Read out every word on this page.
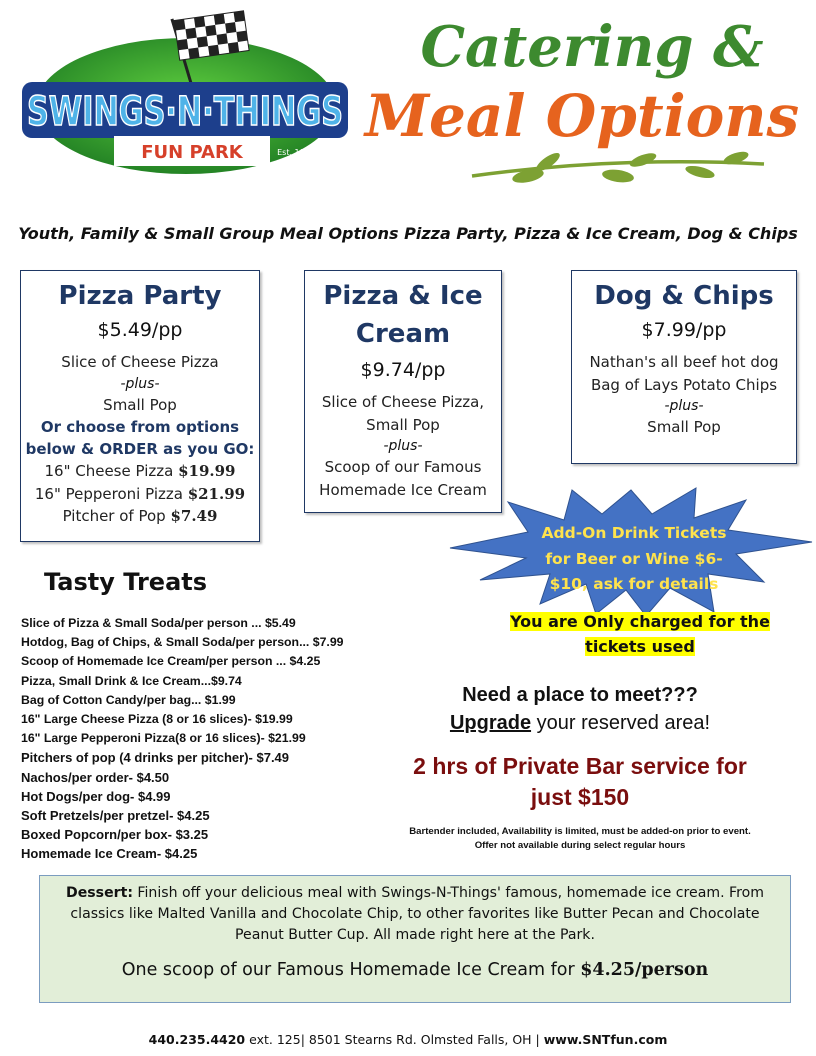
SWINGS·N·THINGS
FUN PARK	Est. 1987
Catering &
Meal Options
Youth, Family & Small Group Meal Options Pizza Party, Pizza & Ice Cream, Dog & Chips
Pizza Party
$5.49/pp
Slice of Cheese Pizza
-plus-
Small Pop
Or choose from options
below & ORDER as you GO:
16" Cheese Pizza $19.99
16" Pepperoni Pizza $21.99
Pitcher of Pop $7.49
Pizza & Ice
Cream
$9.74/pp
Slice of Cheese Pizza,
Small Pop
-plus-
Scoop of our Famous
Homemade Ice Cream
Dog & Chips
$7.99/pp
Nathan's all beef hot dog
Bag of Lays Potato Chips
-plus-
Small Pop
Add-On Drink Tickets
for Beer or Wine $6-
$10, ask for details
You are Only charged for the
tickets used
Tasty Treats
Slice of Pizza & Small Soda/per person ... $5.49
Hotdog, Bag of Chips, & Small Soda/per person... $7.99
Scoop of Homemade Ice Cream/per person ... $4.25
Pizza, Small Drink & Ice Cream...$9.74
Bag of Cotton Candy/per bag... $1.99
16" Large Cheese Pizza (8 or 16 slices)- $19.99
16" Large Pepperoni Pizza(8 or 16 slices)- $21.99
Pitchers of pop (4 drinks per pitcher)- $7.49
Nachos/per order- $4.50
Hot Dogs/per dog- $4.99
Soft Pretzels/per pretzel- $4.25
Boxed Popcorn/per box- $3.25
Homemade Ice Cream- $4.25
Need a place to meet???
Upgrade your reserved area!
2 hrs of Private Bar service for
just $150
Bartender included, Availability is limited, must be added-on prior to event.
Offer not available during select regular hours

Dessert: Finish off your delicious meal with Swings-N-Things' famous, homemade ice cream. From classics like Malted Vanilla and Chocolate Chip, to other favorites like Butter Pecan and Chocolate Peanut Butter Cup. All made right here at the Park.

One scoop of our Famous Homemade Ice Cream for $4.25/person
440.235.4420 ext. 125| 8501 Stearns Rd. Olmsted Falls, OH | www.SNTfun.com
